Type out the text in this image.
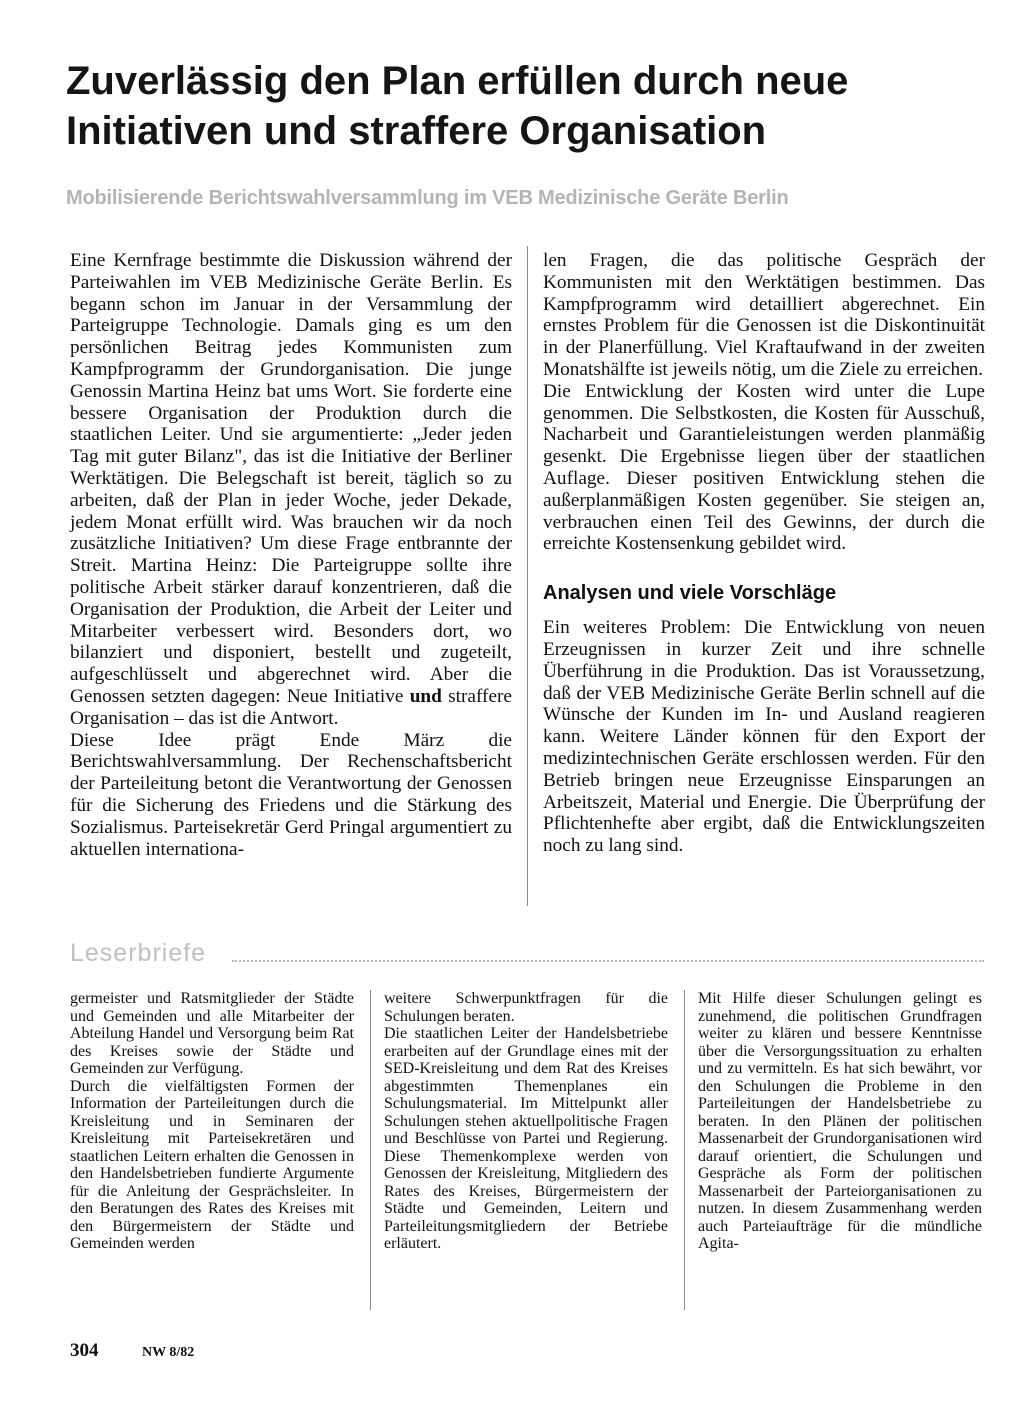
Zuverlässig den Plan erfüllen durch neue Initiativen und straffere Organisation
Mobilisierende Berichtswahlversammlung im VEB Medizinische Geräte Berlin

Eine Kernfrage bestimmte die Diskussion während der Parteiwahlen im VEB Medizinische Geräte Berlin. Es begann schon im Januar in der Versammlung der Parteigruppe Technologie. Damals ging es um den persönlichen Beitrag jedes Kommunisten zum Kampfprogramm der Grundorganisation. Die junge Genossin Martina Heinz bat ums Wort. Sie forderte eine bessere Organisation der Produktion durch die staatlichen Leiter. Und sie argumentierte: „Jeder jeden Tag mit guter Bilanz", das ist die Initiative der Berliner Werktätigen. Die Belegschaft ist bereit, täglich so zu arbeiten, daß der Plan in jeder Woche, jeder Dekade, jedem Monat erfüllt wird. Was brauchen wir da noch zusätzliche Initiativen? Um diese Frage entbrannte der Streit. Martina Heinz: Die Parteigruppe sollte ihre politische Arbeit stärker darauf konzentrieren, daß die Organisation der Produktion, die Arbeit der Leiter und Mitarbeiter verbessert wird. Besonders dort, wo bilanziert und disponiert, bestellt und zugeteilt, aufgeschlüsselt und abgerechnet wird. Aber die Genossen setzten dagegen: Neue Initiative und straffere Organisation – das ist die Antwort.

Diese Idee prägt Ende März die Berichtswahlversammlung. Der Rechenschaftsbericht der Parteileitung betont die Verantwortung der Genossen für die Sicherung des Friedens und die Stärkung des Sozialismus. Parteisekretär Gerd Pringal argumentiert zu aktuellen internationa-

len Fragen, die das politische Gespräch der Kommunisten mit den Werktätigen bestimmen. Das Kampfprogramm wird detailliert abgerechnet. Ein ernstes Problem für die Genossen ist die Diskontinuität in der Planerfüllung. Viel Kraftaufwand in der zweiten Monatshälfte ist jeweils nötig, um die Ziele zu erreichen.

Die Entwicklung der Kosten wird unter die Lupe genommen. Die Selbstkosten, die Kosten für Ausschuß, Nacharbeit und Garantieleistungen werden planmäßig gesenkt. Die Ergebnisse liegen über der staatlichen Auflage. Dieser positiven Entwicklung stehen die außerplanmäßigen Kosten gegenüber. Sie steigen an, verbrauchen einen Teil des Gewinns, der durch die erreichte Kostensenkung gebildet wird.

Analysen und viele Vorschläge

Ein weiteres Problem: Die Entwicklung von neuen Erzeugnissen in kurzer Zeit und ihre schnelle Überführung in die Produktion. Das ist Voraussetzung, daß der VEB Medizinische Geräte Berlin schnell auf die Wünsche der Kunden im In- und Ausland reagieren kann. Weitere Länder können für den Export der medizintechnischen Geräte erschlossen werden. Für den Betrieb bringen neue Erzeugnisse Einsparungen an Arbeitszeit, Material und Energie. Die Überprüfung der Pflichtenhefte aber ergibt, daß die Entwicklungszeiten noch zu lang sind.

Leserbriefe

germeister und Ratsmitglieder der Städte und Gemeinden und alle Mitarbeiter der Abteilung Handel und Versorgung beim Rat des Kreises sowie der Städte und Gemeinden zur Verfügung.

Durch die vielfältigsten Formen der Information der Parteileitungen durch die Kreisleitung und in Seminaren der Kreisleitung mit Parteisekretären und staatlichen Leitern erhalten die Genossen in den Handelsbetrieben fundierte Argumente für die Anleitung der Gesprächsleiter. In den Beratungen des Rates des Kreises mit den Bürgermeistern der Städte und Gemeinden werden

weitere Schwerpunktfragen für die Schulungen beraten.

Die staatlichen Leiter der Handelsbetriebe erarbeiten auf der Grundlage eines mit der SED-Kreisleitung und dem Rat des Kreises abgestimmten Themenplanes ein Schulungsmaterial. Im Mittelpunkt aller Schulungen stehen aktuellpolitische Fragen und Beschlüsse von Partei und Regierung. Diese Themenkomplexe werden von Genossen der Kreisleitung, Mitgliedern des Rates des Kreises, Bürgermeistern der Städte und Gemeinden, Leitern und Parteileitungsmitgliedern der Betriebe erläutert.

Mit Hilfe dieser Schulungen gelingt es zunehmend, die politischen Grundfragen weiter zu klären und bessere Kenntnisse über die Versorgungssituation zu erhalten und zu vermitteln. Es hat sich bewährt, vor den Schulungen die Probleme in den Parteileitungen der Handelsbetriebe zu beraten. In den Plänen der politischen Massenarbeit der Grundorganisationen wird darauf orientiert, die Schulungen und Gespräche als Form der politischen Massenarbeit der Parteiorganisationen zu nutzen. In diesem Zusammenhang werden auch Parteiaufträge für die mündliche Agita-

304	NW 8/82
